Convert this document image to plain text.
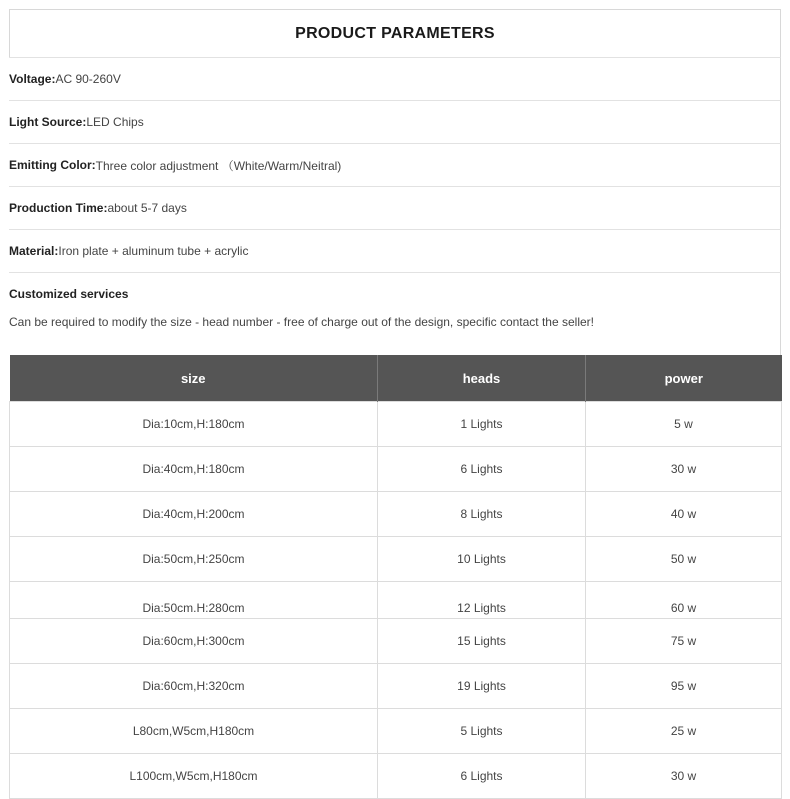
PRODUCT PARAMETERS
Voltage: AC 90-260V
Light Source: LED Chips
Emitting Color: Three color adjustment （White/Warm/Neitral)
Production Time: about 5-7 days
Material: Iron plate + aluminum tube + acrylic
Customized services
Can be required to modify the size - head number - free of charge out of the design, specific contact the seller!
size	heads	power
Dia:10cm,H:180cm	1 Lights	5 w
Dia:40cm,H:180cm	6 Lights	30 w
Dia:40cm,H:200cm	8 Lights	40 w
Dia:50cm,H:250cm	10 Lights	50 w
Dia:50cm.H:280cm	12 Lights	60 w
Dia:60cm,H:300cm	15 Lights	75 w
Dia:60cm,H:320cm	19 Lights	95 w
L80cm,W5cm,H180cm	5 Lights	25 w
L100cm,W5cm,H180cm	6 Lights	30 w
